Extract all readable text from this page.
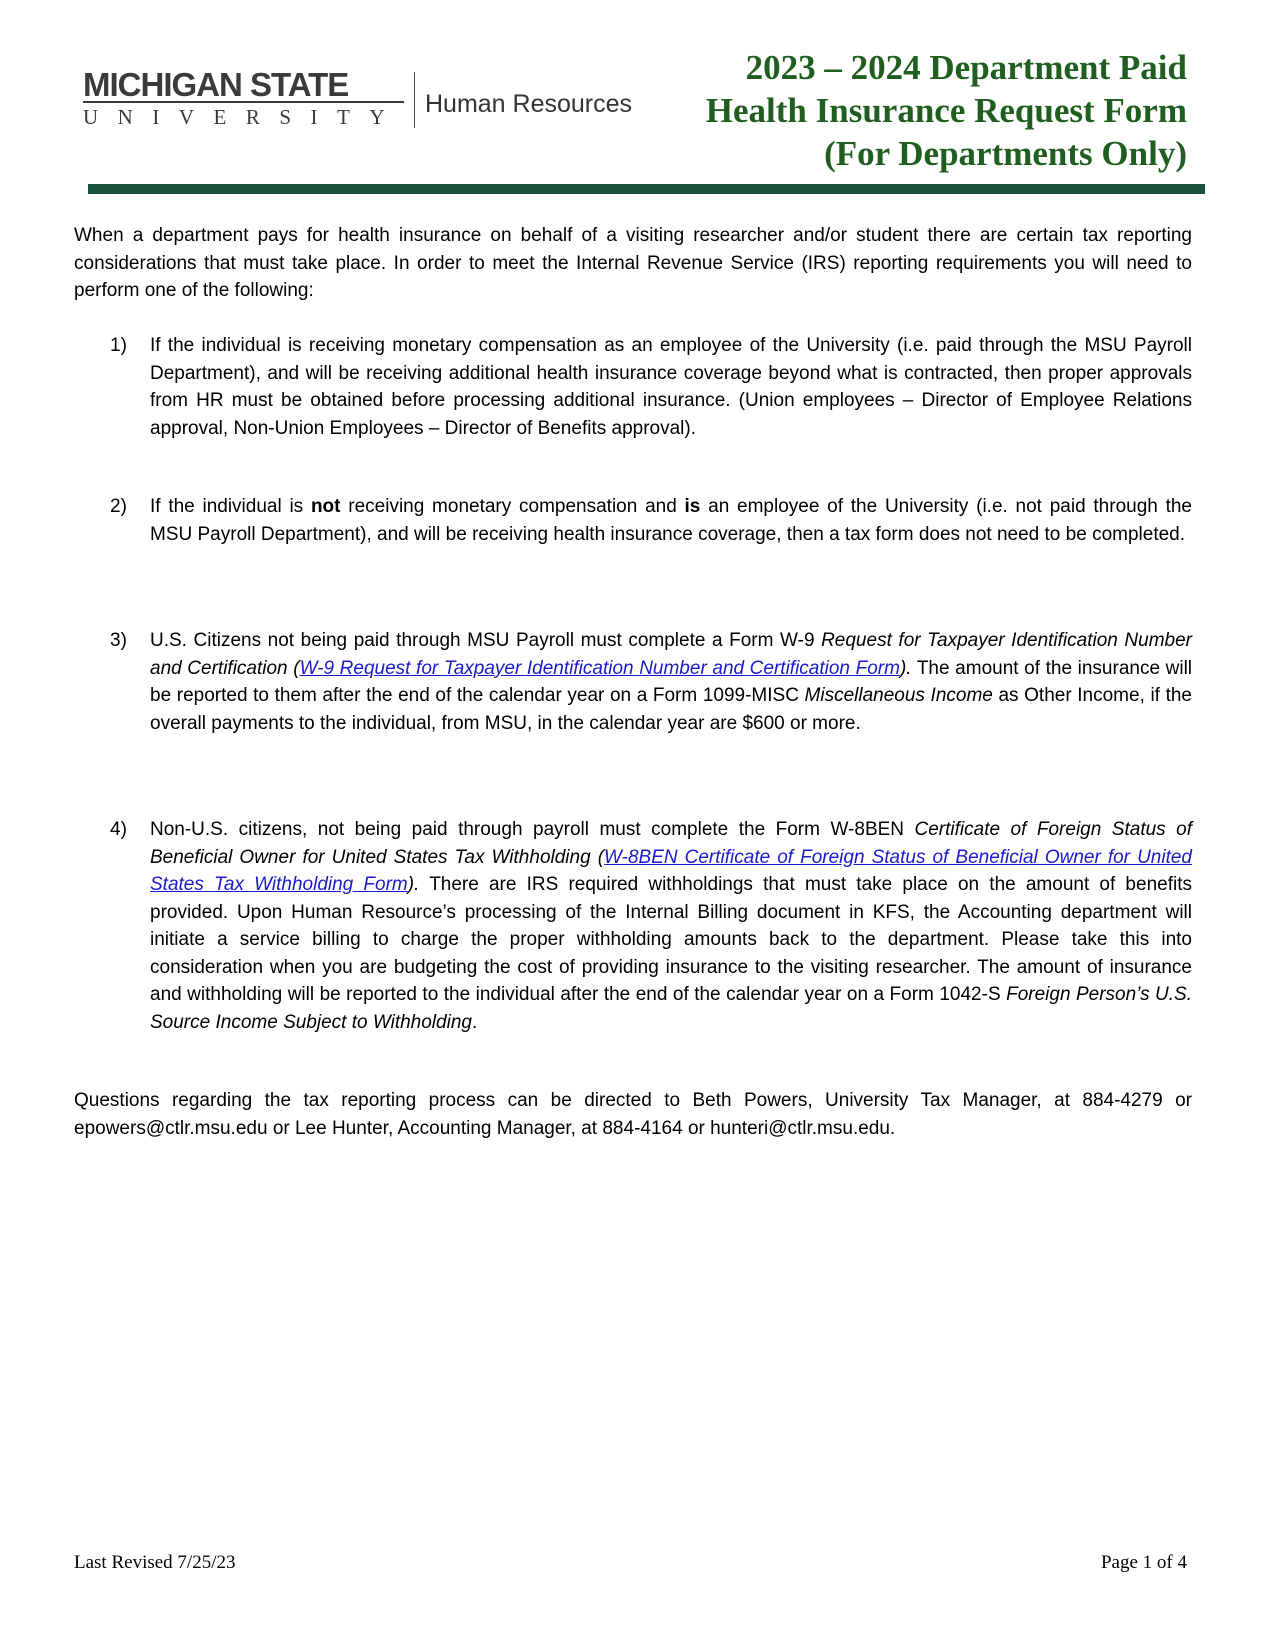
MICHIGAN STATE
UNIVERSITY Human Resources
2023 – 2024 Department Paid
Health Insurance Request Form
(For Departments Only)

When a department pays for health insurance on behalf of a visiting researcher and/or student there are certain tax reporting considerations that must take place. In order to meet the Internal Revenue Service (IRS) reporting requirements you will need to perform one of the following:

1) If the individual is receiving monetary compensation as an employee of the University (i.e. paid through the MSU Payroll Department), and will be receiving additional health insurance coverage beyond what is contracted, then proper approvals from HR must be obtained before processing additional insurance. (Union employees – Director of Employee Relations approval, Non-Union Employees – Director of Benefits approval).
2) If the individual is not receiving monetary compensation and is an employee of the University (i.e. not paid through the MSU Payroll Department), and will be receiving health insurance coverage, then a tax form does not need to be completed.
3) U.S. Citizens not being paid through MSU Payroll must complete a Form W-9 Request for Taxpayer Identification Number and Certification (W-9 Request for Taxpayer Identification Number and Certification Form). The amount of the insurance will be reported to them after the end of the calendar year on a Form 1099-MISC Miscellaneous Income as Other Income, if the overall payments to the individual, from MSU, in the calendar year are $600 or more.
4) Non-U.S. citizens, not being paid through payroll must complete the Form W-8BEN Certificate of Foreign Status of Beneficial Owner for United States Tax Withholding (W-8BEN Certificate of Foreign Status of Beneficial Owner for United States Tax Withholding Form). There are IRS required withholdings that must take place on the amount of benefits provided. Upon Human Resource’s processing of the Internal Billing document in KFS, the Accounting department will initiate a service billing to charge the proper withholding amounts back to the department. Please take this into consideration when you are budgeting the cost of providing insurance to the visiting researcher. The amount of insurance and withholding will be reported to the individual after the end of the calendar year on a Form 1042-S Foreign Person’s U.S. Source Income Subject to Withholding.

Questions regarding the tax reporting process can be directed to Beth Powers, University Tax Manager, at 884-4279 or epowers@ctlr.msu.edu or Lee Hunter, Accounting Manager, at 884-4164 or hunteri@ctlr.msu.edu.

Last Revised 7/25/23	Page 1 of 4
